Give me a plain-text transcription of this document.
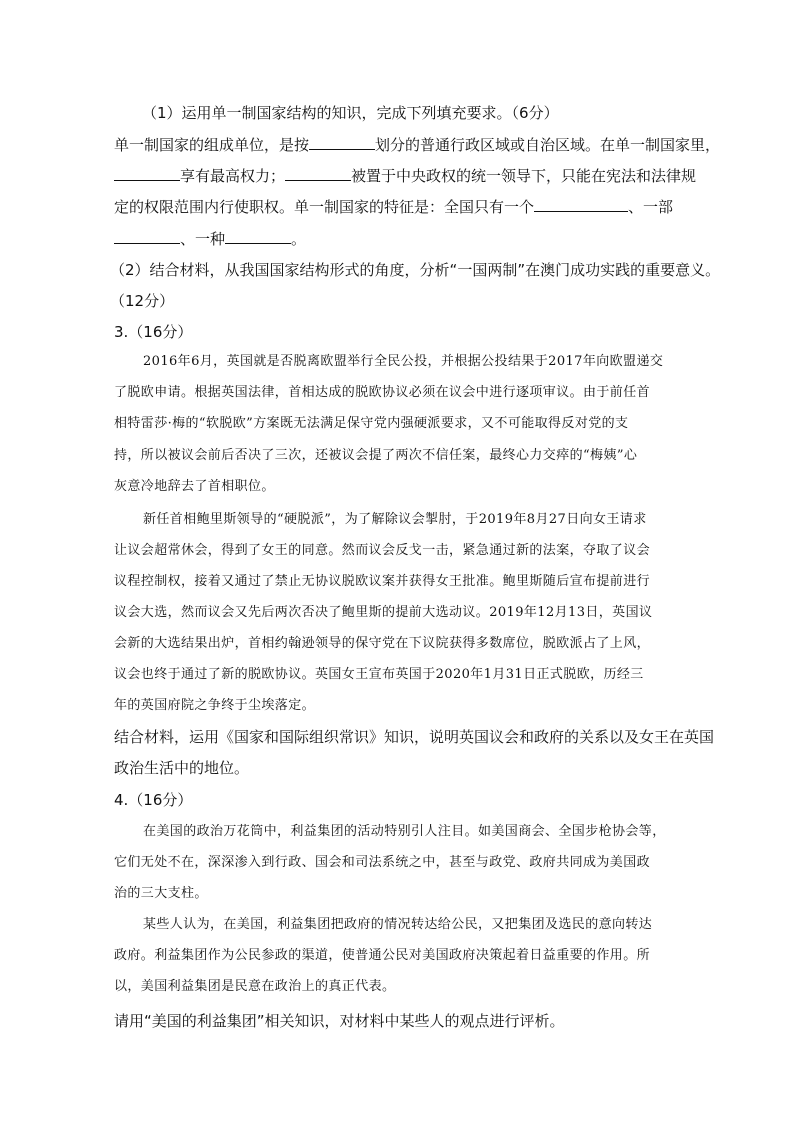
（1）运用单一制国家结构的知识，完成下列填充要求。（6分）
单一制国家的组成单位，是按	划分的普通行政区域或自治区域。在单一制国家里，
享有最高权力；	被置于中央政权的统一领导下，只能在宪法和法律规
定的权限范围内行使职权。单一制国家的特征是：全国只有一个	、一部
、一种	。
（2）结合材料，从我国国家结构形式的角度，分析“一国两制”在澳门成功实践的重要意义。
（12分）
3.（16分）
2016年6月，英国就是否脱离欧盟举行全民公投，并根据公投结果于2017年向欧盟递交
了脱欧申请。根据英国法律，首相达成的脱欧协议必须在议会中进行逐项审议。由于前任首
相特雷莎·梅的“软脱欧”方案既无法满足保守党内强硬派要求，又不可能取得反对党的支
持，所以被议会前后否决了三次，还被议会提了两次不信任案，最终心力交瘁的“梅姨”心
灰意冷地辞去了首相职位。
新任首相鲍里斯领导的“硬脱派”，为了解除议会掣肘，于2019年8月27日向女王请求
让议会超常休会，得到了女王的同意。然而议会反戈一击，紧急通过新的法案，夺取了议会
议程控制权，接着又通过了禁止无协议脱欧议案并获得女王批准。鲍里斯随后宣布提前进行
议会大选，然而议会又先后两次否决了鲍里斯的提前大选动议。2019年12月13日，英国议
会新的大选结果出炉，首相约翰逊领导的保守党在下议院获得多数席位，脱欧派占了上风，
议会也终于通过了新的脱欧协议。英国女王宣布英国于2020年1月31日正式脱欧，历经三
年的英国府院之争终于尘埃落定。
结合材料，运用《国家和国际组织常识》知识，说明英国议会和政府的关系以及女王在英国
政治生活中的地位。
4.（16分）
在美国的政治万花筒中，利益集团的活动特别引人注目。如美国商会、全国步枪协会等，
它们无处不在，深深渗入到行政、国会和司法系统之中，甚至与政党、政府共同成为美国政
治的三大支柱。
某些人认为，在美国，利益集团把政府的情况转达给公民，又把集团及选民的意向转达
政府。利益集团作为公民参政的渠道，使普通公民对美国政府决策起着日益重要的作用。所
以，美国利益集团是民意在政治上的真正代表。
请用“美国的利益集团”相关知识，对材料中某些人的观点进行评析。
